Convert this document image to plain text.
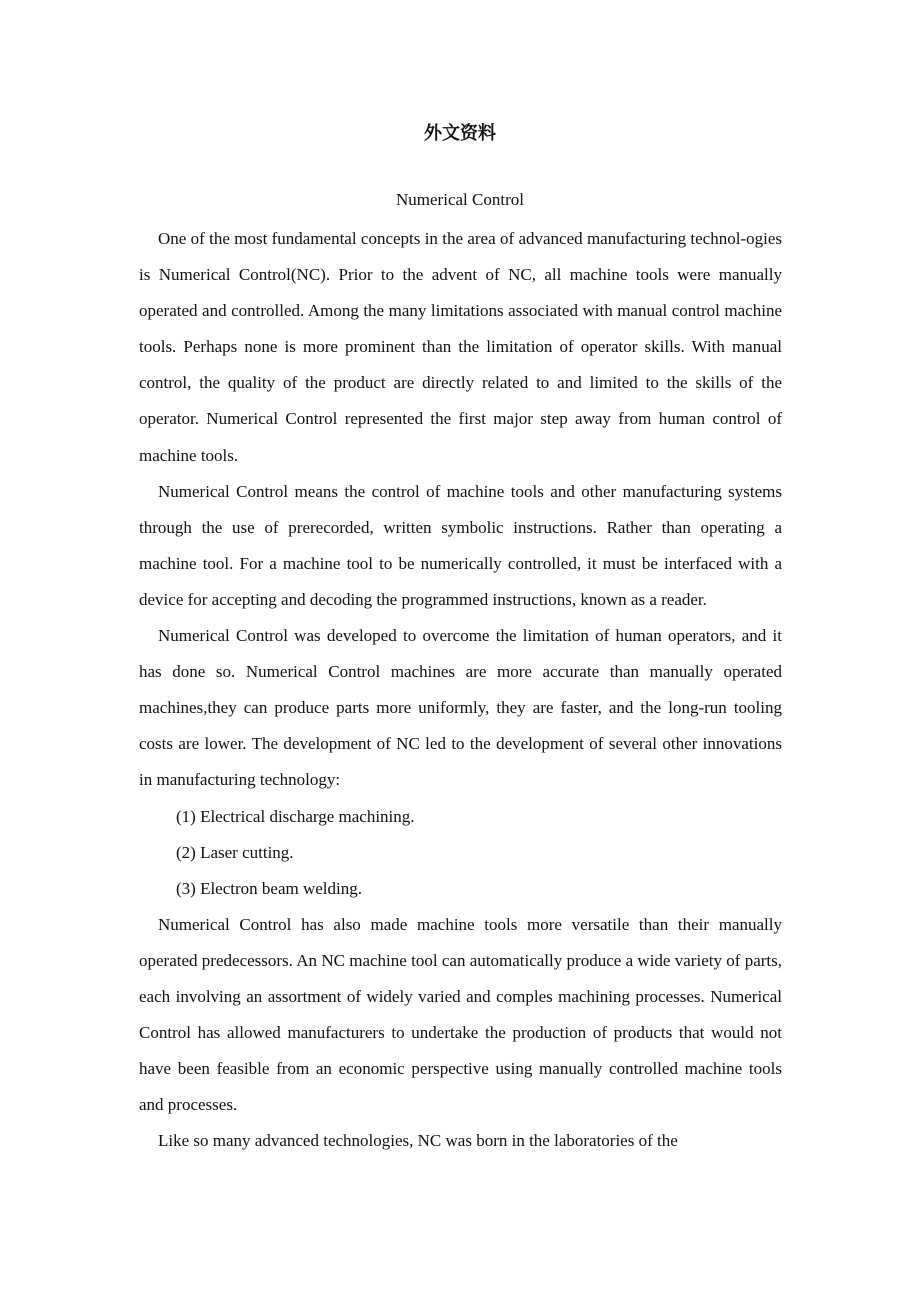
外文资料
Numerical Control

One of the most fundamental concepts in the area of advanced manufacturing technol-ogies is Numerical Control(NC). Prior to the advent of NC, all machine tools were manually operated and controlled. Among the many limitations associated with manual control machine tools. Perhaps none is more prominent than the limitation of operator skills. With manual control, the quality of the product are directly related to and limited to the skills of the operator. Numerical Control represented the first major step away from human control of machine tools.

Numerical Control means the control of machine tools and other manufacturing systems through the use of prerecorded, written symbolic instructions. Rather than operating a machine tool. For a machine tool to be numerically controlled, it must be interfaced with a device for accepting and decoding the programmed instructions, known as a reader.

Numerical Control was developed to overcome the limitation of human operators, and it has done so. Numerical Control machines are more accurate than manually operated machines,they can produce parts more uniformly, they are faster, and the long-run tooling costs are lower. The development of NC led to the development of several other innovations in manufacturing technology:

(1) Electrical discharge machining.

(2) Laser cutting.

(3) Electron beam welding.

Numerical Control has also made machine tools more versatile than their manually operated predecessors. An NC machine tool can automatically produce a wide variety of parts, each involving an assortment of widely varied and comples machining processes. Numerical Control has allowed manufacturers to undertake the production of products that would not have been feasible from an economic perspective using manually controlled machine tools and processes.

Like so many advanced technologies, NC was born in the laboratories of the
